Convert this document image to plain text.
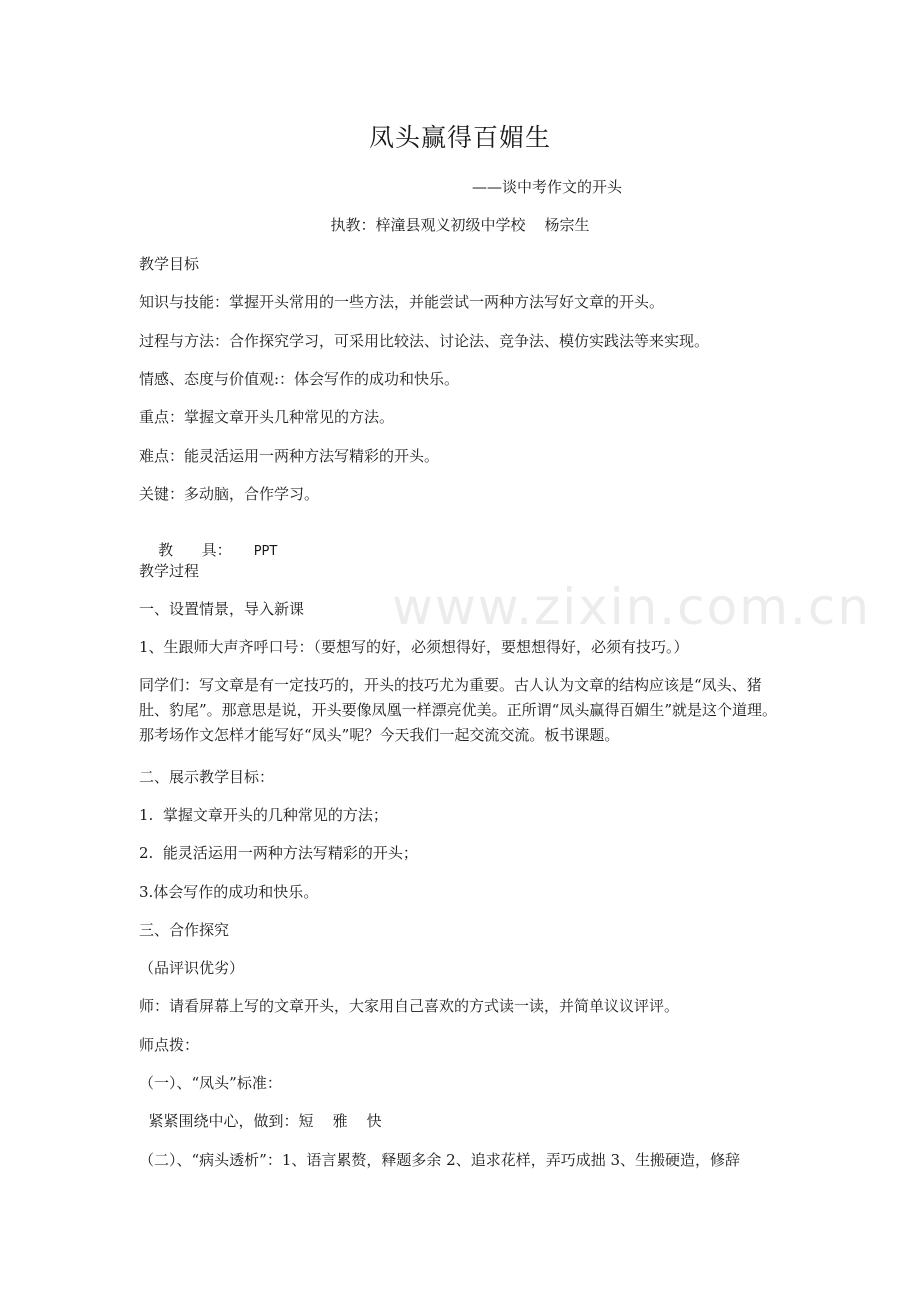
www.zixin.com.cn
凤头赢得百媚生
——谈中考作文的开头
执教：梓潼县观义初级中学校    杨宗生
教学目标
知识与技能：掌握开头常用的一些方法，并能尝试一两种方法写好文章的开头。
过程与方法：合作探究学习，可采用比较法、讨论法、竞争法、模仿实践法等来实现。
情感、态度与价值观:：体会写作的成功和快乐。
重点：掌握文章开头几种常见的方法。
难点：能灵活运用一两种方法写精彩的开头。
关键：多动脑，合作学习。

教      具： PPT

教学过程
一、设置情景，导入新课
1、生跟师大声齐呼口号：（要想写的好，必须想得好，要想想得好，必须有技巧。）
同学们：写文章是有一定技巧的，开头的技巧尤为重要。古人认为文章的结构应该是“凤头、猪肚、豹尾”。那意思是说，开头要像凤凰一样漂亮优美。正所谓“凤头赢得百媚生”就是这个道理。那考场作文怎样才能写好“凤头”呢？今天我们一起交流交流。板书课题。
二、展示教学目标：
1.  掌握文章开头的几种常见的方法；
2.  能灵活运用一两种方法写精彩的开头；
3.体会写作的成功和快乐。
三、合作探究
（品评识优劣）
师：请看屏幕上写的文章开头，大家用自己喜欢的方式读一读，并简单议议评评。
师点拨：
（一）、“凤头”标准：
紧紧围绕中心，做到：短    雅    快
（二）、“病头透析”：1、语言累赘，释题多余 2、追求花样，弄巧成拙 3、生搬硬造，修辞
